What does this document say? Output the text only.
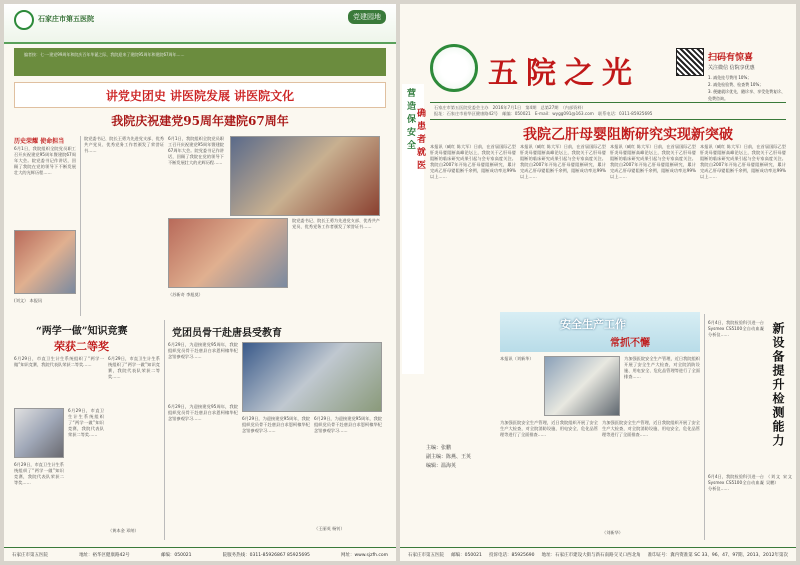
石家庄市第五医院	党建园地
编者按：七一·建党99周年和院庆百年华诞之际，我院迎来了建院95周年和建院67周年……
讲党史团史 讲医院发展 讲医院文化
我院庆祝建党95周年建院67周年
历史荣耀 使命担当
6月1日，我院组织全院党员职工召开庆祝建党95周年暨建院67周年大会。院党委书记作讲话，回顾了我院在党的领导下不断发展壮大的光辉历程……
(刘文） 本报讯
院党委书记、院长王勇为先进党支部、优秀共产党员、优秀党务工作者颁发了荣誉证书……
6月1日，我院组织全院党员职工召开庆祝建党95周年暨建院67周年大会。院党委书记作讲话，回顾了我院在党的领导下不断发展壮大的光辉历程……
院党委书记、院长王勇为先进党支部、优秀共产党员、优秀党务工作者颁发了荣誉证书……
（苏新奇 李旭莫）
“两学一做”知识竞赛
荣获二等奖
6月29日，市直卫生计生系统组织了“两学一做”知识竞赛，我院代表队荣获二等奖……
6月29日，市直卫生计生系统组织了“两学一做”知识竞赛，我院代表队荣获二等奖……
6月29日，市直卫生计生系统组织了“两学一做”知识竞赛，我院代表队荣获二等奖……
6月29日，市直卫生计生系统组织了“两学一做”知识竞赛，我院代表队荣获二等奖……
（黄本金 邓纳）
党团员骨干赴唐县受教育
6月29日，为迎接建党95周年，我院组织党员骨干赴唐县白求恩柯棣华纪念馆参观学习……
6月29日，为迎接建党95周年，我院组织党员骨干赴唐县白求恩柯棣华纪念馆参观学习……	6月29日，为迎接建党95周年，我院组织党员骨干赴唐县白求恩柯棣华纪念馆参观学习……
6月29日，为迎接建党95周年，我院组织党员骨干赴唐县白求恩柯棣华纪念馆参观学习……
（王丽英 杨钊）
石家庄市第五医院	地址：裕华区健康路42号	邮编：050021	院服务热线：0311-85926867 85925695	网址：www.sjzfh.com
营造保安全 确患者就医
五院之光	扫码有惊喜
关注微信 信院享优惠
1. 减免挂号费用 10%；
2. 减免检验费、检查费 10%；
3. 便捷就诊优先，随诊享、享受免费复诊、免费咨询。
石家庄市第五医院党委会主办　2016年7月1日　第4期　总第27期　（内部资料）
报址：石家庄市裕华区健康路42号　邮编：050021　E-mail：wygg091@163.com　联系电话：0311-85925695
我院乙肝母婴阻断研究实现新突破
本报讯（臧红 陈大军）日前，在首届国际乙型肝炎母婴阻断高峰论坛上，我院关于乙肝母婴阻断的临床研究成果引起与会专家高度关注。我院自2007年开始乙肝母婴阻断研究，累计完成乙肝母婴阻断千余例，阻断成功率达99%以上……
本报讯（臧红 陈大军）日前，在首届国际乙型肝炎母婴阻断高峰论坛上，我院关于乙肝母婴阻断的临床研究成果引起与会专家高度关注。我院自2007年开始乙肝母婴阻断研究，累计完成乙肝母婴阻断千余例，阻断成功率达99%以上……
本报讯（臧红 陈大军）日前，在首届国际乙型肝炎母婴阻断高峰论坛上，我院关于乙肝母婴阻断的临床研究成果引起与会专家高度关注。我院自2007年开始乙肝母婴阻断研究，累计完成乙肝母婴阻断千余例，阻断成功率达99%以上……
本报讯（臧红 陈大军）日前，在首届国际乙型肝炎母婴阻断高峰论坛上，我院关于乙肝母婴阻断的临床研究成果引起与会专家高度关注。我院自2007年开始乙肝母婴阻断研究，累计完成乙肝母婴阻断千余例，阻断成功率达99%以上……
主编：张鹏
副主编：陈燕、王英
编辑：温海英
安全生产工作
常抓不懈
本报讯（刘新华）	为加强医院安全生产管理，近日我院组织开展了安全生产大检查，对全院消防设施、用电安全、危化品管理等进行了全面排查……
为加强医院安全生产管理，近日我院组织开展了安全生产大检查，对全院消防设施、用电安全、危化品管理等进行了全面排查……
为加强医院安全生产管理，近日我院组织开展了安全生产大检查，对全院消防设施、用电安全、危化品管理等进行了全面排查……
（刘新华）
6月4日，我院检验科引进一台Sysmex CS5100全自动血凝分析仪……
6月4日，我院检验科引进一台Sysmex CS5100全自动血凝分析仪……
新设备提升检测能力
（刘文 宋文 吴鹏）
石家庄市第五医院 邮编：050021 投诉电话：85925690 地址：石家庄市建设大街与新石南路交叉口西北角 准印证号：冀内资准第 SC 33、96、47、97期、2013、2012年第次
